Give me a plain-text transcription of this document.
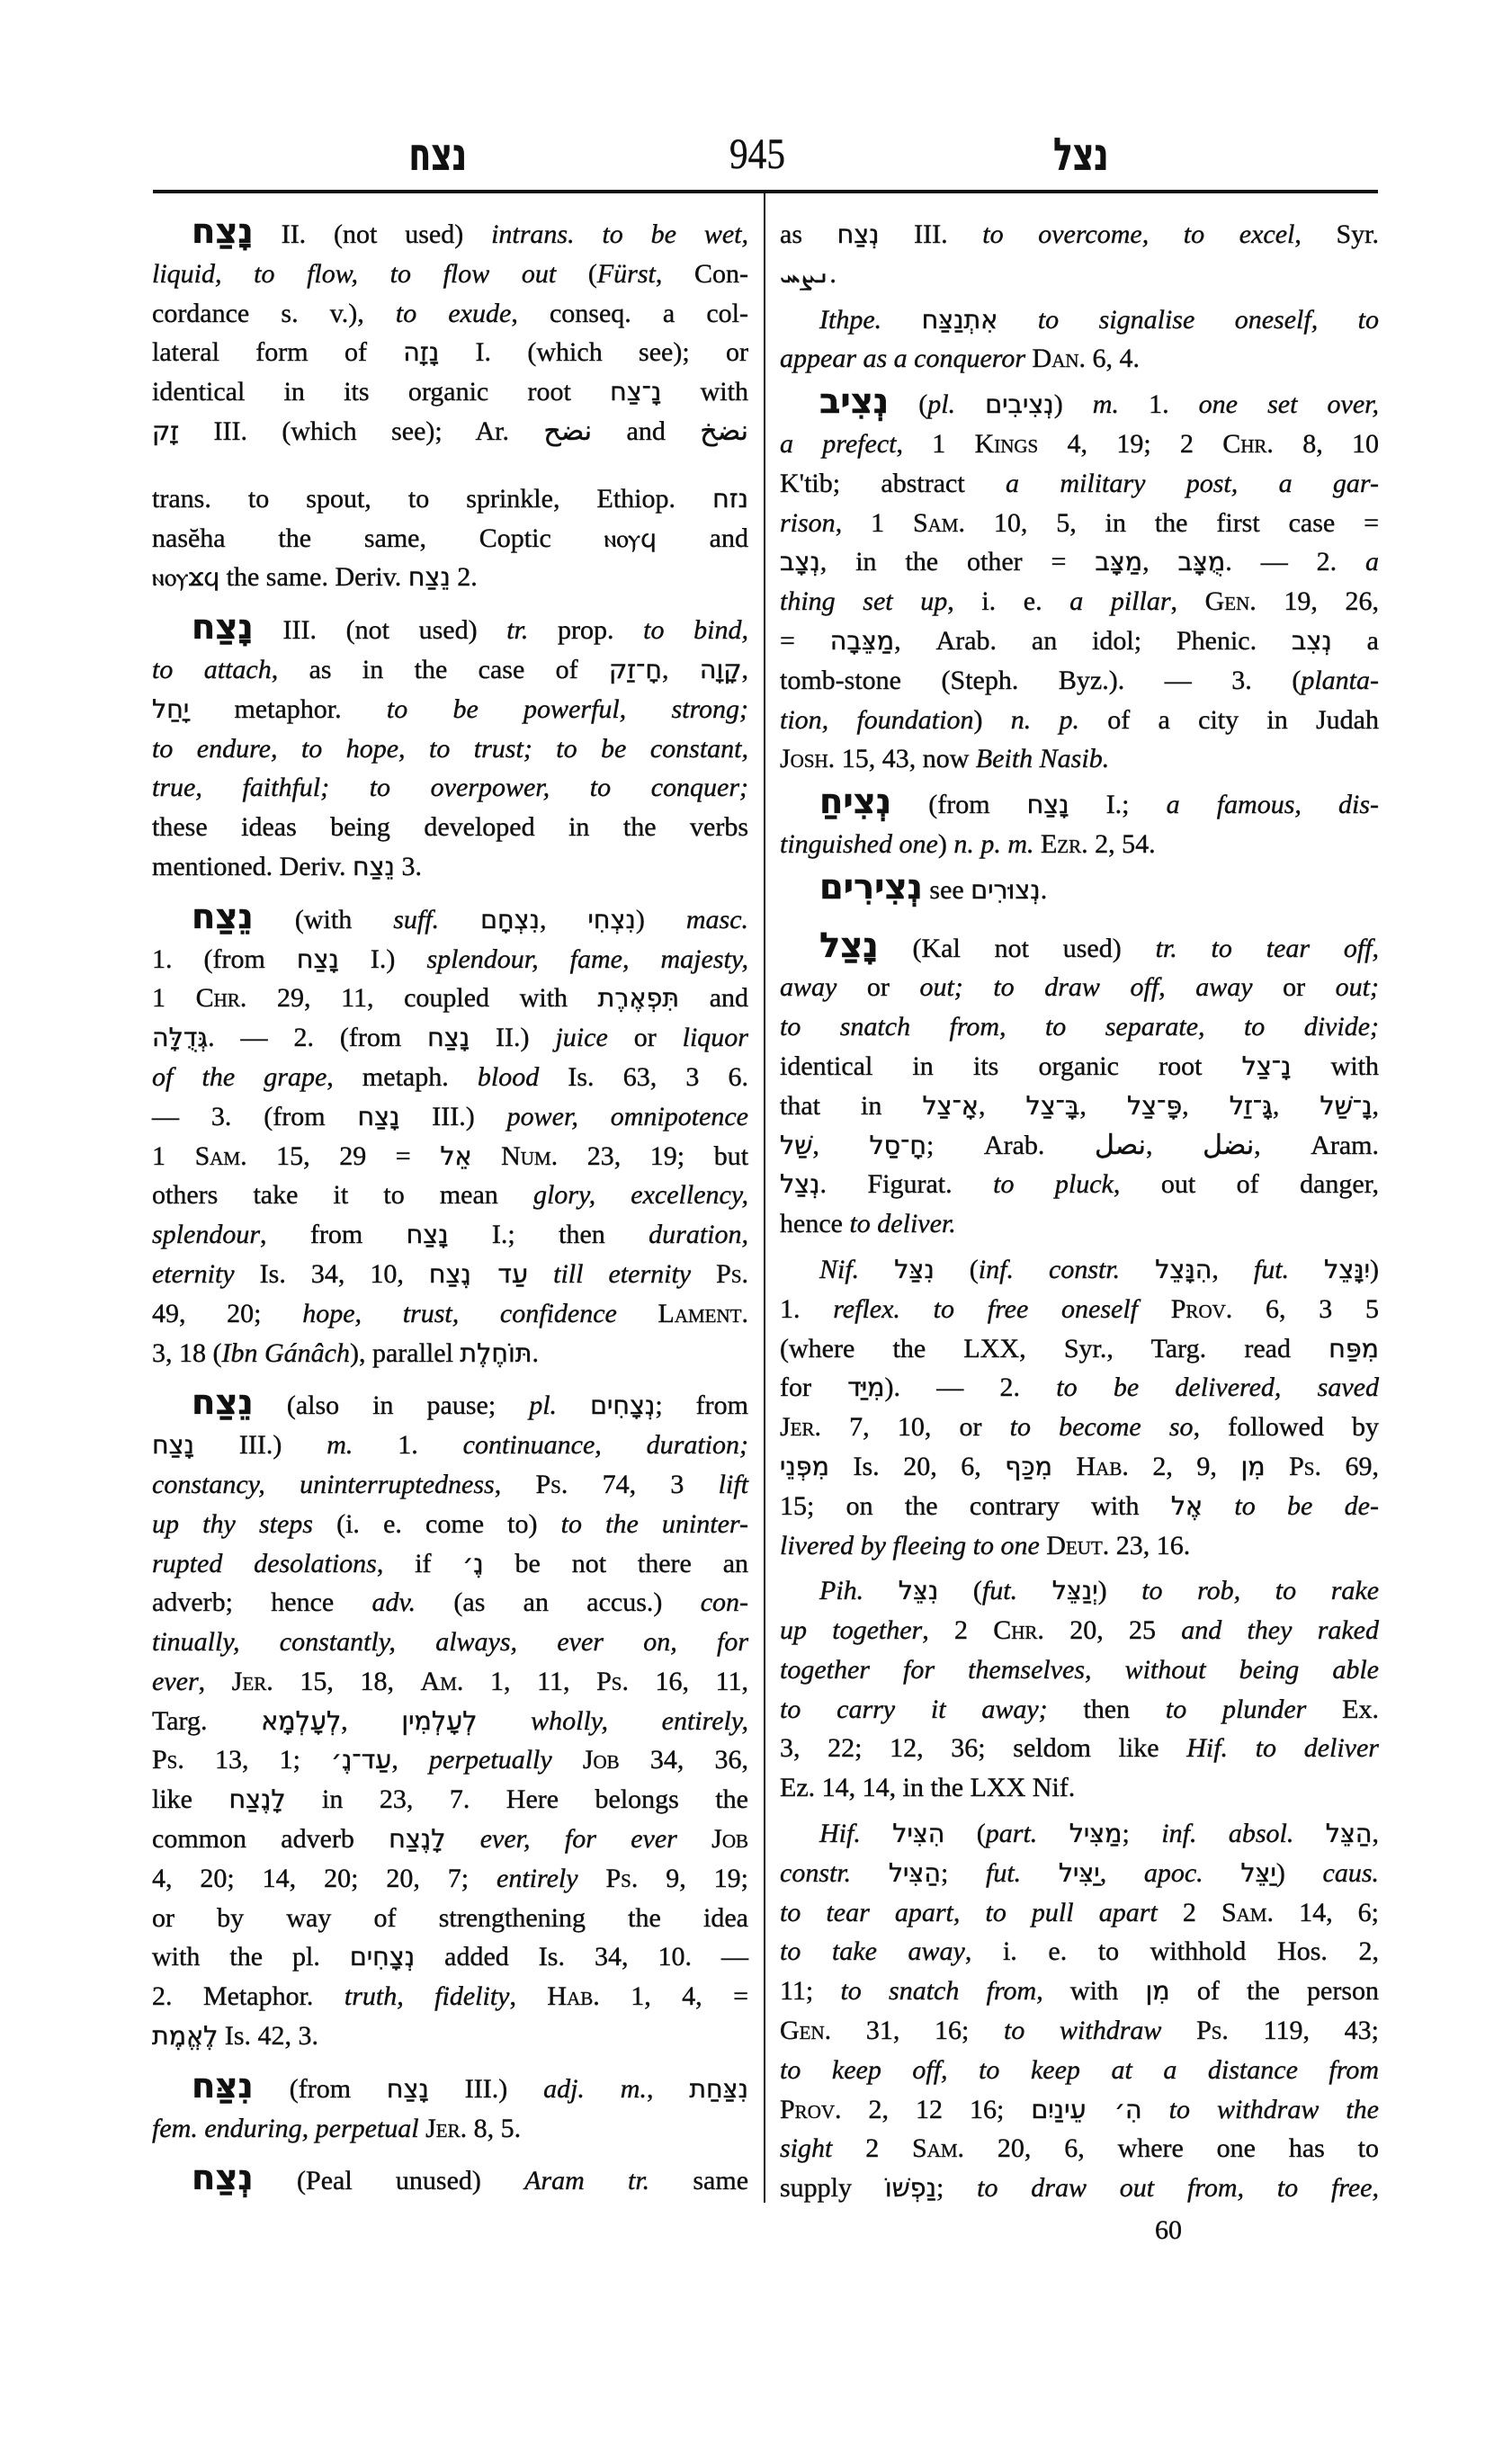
נצח	945	נצל
נָצַח II. (not used) intrans. to be wet,
liquid, to flow, to flow out (Fürst, Con-
cordance s. v.), to exude, conseq. a col-
lateral form of נָזָה I. (which see); or
identical in its organic root נָ־צַח with
זָק III. (which see); Ar. نضح and نضخ
trans. to spout, to sprinkle, Ethiop. נזח
nasĕha the same, Coptic ⲛⲟⲩϥ and
ⲛⲟⲩϫϥ the same. Deriv. נֵצַח 2.
נָצַח III. (not used) tr. prop. to bind,
to attach, as in the case of חָ־זַק, קָוָה,
יָחַל metaphor. to be powerful, strong;
to endure, to hope, to trust; to be constant,
true, faithful; to overpower, to conquer;
these ideas being developed in the verbs
mentioned. Deriv. נֵצַח 3.
נֵצַח (with suff. נִצְחָם, נִצְחִי) masc.
1. (from נָצַח I.) splendour, fame, majesty,
1 Chr. 29, 11, coupled with תִּפְאֶרֶת and
גְּדֻלָּה. — 2. (from נָצַח II.) juice or liquor
of the grape, metaph. blood Is. 63, 3 6.
— 3. (from נָצַח III.) power, omnipotence
1 Sam. 15, 29 = אֵל Num. 23, 19; but
others take it to mean glory, excellency,
splendour, from נָצַח I.; then duration,
eternity Is. 34, 10, עַד נֶצַח till eternity Ps.
49, 20; hope, trust, confidence Lament.
3, 18 (Ibn Gánâch), parallel תּוֹחֶלֶת.
נֵצַח (also in pause; pl. נְצָחִים; from
נָצַח III.) m. 1. continuance, duration;
constancy, uninterruptedness, Ps. 74, 3 lift
up thy steps (i. e. come to) to the uninter-
rupted desolations, if נֶ׳ be not there an
adverb; hence adv. (as an accus.) con-
tinually, constantly, always, ever on, for
ever, Jer. 15, 18, Am. 1, 11, Ps. 16, 11,
Targ. לְעָלְמָא, לְעָלְמִין wholly, entirely,
Ps. 13, 1; עַד־נֶ׳, perpetually Job 34, 36,
like לָנֶצַח in 23, 7. Here belongs the
common adverb לָנֶצַח ever, for ever Job
4, 20; 14, 20; 20, 7; entirely Ps. 9, 19;
or by way of strengthening the idea
with the pl. נְצָחִים added Is. 34, 10. —
2. Metaphor. truth, fidelity, Hab. 1, 4, =
לֶאֱמֶת Is. 42, 3.
נִצַּח (from נָצַח III.) adj. m., נִצַּחַת
fem. enduring, perpetual Jer. 8, 5.
נְצַח (Peal unused) Aram tr. same
as נְצַח III. to overcome, to excel, Syr.
ܢܨܚ.
Ithpe. אִתְנַצַּח to signalise oneself, to
appear as a conqueror Dan. 6, 4.
נְצִיב (pl. נְצִיבִים) m. 1. one set over,
a prefect, 1 Kings 4, 19; 2 Chr. 8, 10
K'tib; abstract a military post, a gar-
rison, 1 Sam. 10, 5, in the first case =
נְצָב, in the other = מַצָּב, מֻצָּב. — 2. a
thing set up, i. e. a pillar, Gen. 19, 26,
= מַצֵּבָה, Arab. an idol; Phenic. נְצִב a
tomb-stone (Steph. Byz.). — 3. (planta-
tion, foundation) n. p. of a city in Judah
Josh. 15, 43, now Beith Nasib.
נְצִיחַ (from נָצַח I.; a famous, dis-
tinguished one) n. p. m. Ezr. 2, 54.
נְצִירִים see נְצוּרִים.
נָצַל (Kal not used) tr. to tear off,
away or out; to draw off, away or out;
to snatch from, to separate, to divide;
identical in its organic root נָ־צַל with
that in אָ־צַל, בָּ־צַל, פָּ־צַל, גָּ־זַל, נָ־שַׁל,
שַׁל, חָ־סַל; Arab. نصل, نضل, Aram.
נְצַל. Figurat. to pluck, out of danger,
hence to deliver.
Nif. נִצַּל (inf. constr. הִנָּצֵל, fut. יִנָּצֵל)
1. reflex. to free oneself Prov. 6, 3 5
(where the LXX, Syr., Targ. read מִפַּח
for מִיַּד). — 2. to be delivered, saved
Jer. 7, 10, or to become so, followed by
מִפְּנֵי Is. 20, 6, מִכַּף Hab. 2, 9, מִן Ps. 69,
15; on the contrary with אֶל to be de-
livered by fleeing to one Deut. 23, 16.
Pih. נִצֵּל (fut. יְנַצֵּל) to rob, to rake
up together, 2 Chr. 20, 25 and they raked
together for themselves, without being able
to carry it away; then to plunder Ex.
3, 22; 12, 36; seldom like Hif. to deliver
Ez. 14, 14, in the LXX Nif.
Hif. הִצִּיל (part. מַצִּיל; inf. absol. הַצֵּל,
constr. הַצִּיל; fut. יַצִּיל, apoc. יַצֵּל) caus.
to tear apart, to pull apart 2 Sam. 14, 6;
to take away, i. e. to withhold Hos. 2,
11; to snatch from, with מִן of the person
Gen. 31, 16; to withdraw Ps. 119, 43;
to keep off, to keep at a distance from
Prov. 2, 12 16; הִ׳ עֵינַיִם to withdraw the
sight 2 Sam. 20, 6, where one has to
supply נַפְשׁוֹ; to draw out from, to free,
60
